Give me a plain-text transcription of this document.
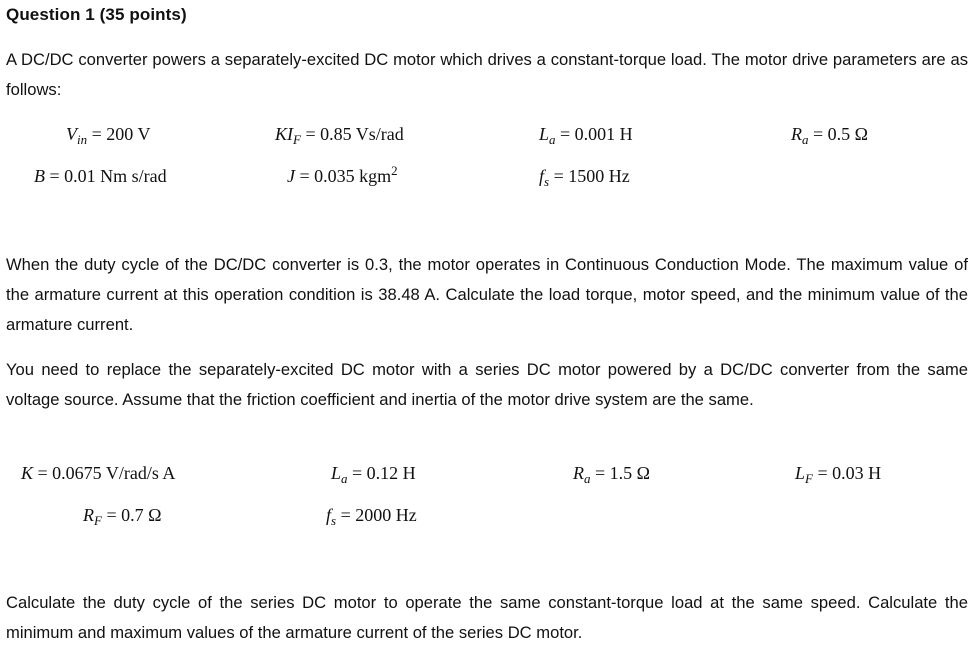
Question 1 (35 points)

A DC/DC converter powers a separately-excited DC motor which drives a constant-torque load. The motor drive parameters are as follows:

$V_{in} = 200$ V	$KI_F = 0.85$ Vs/rad	$L_a = 0.001$ H	$R_a = 0.5$ Ω
B = 0.01 Nm s/rad	J = 0.035 kgm$^2$	$f_s = 1500$ Hz

When the duty cycle of the DC/DC converter is 0.3, the motor operates in Continuous Conduction Mode. The maximum value of the armature current at this operation condition is 38.48 A. Calculate the load torque, motor speed, and the minimum value of the armature current.

You need to replace the separately-excited DC motor with a series DC motor powered by a DC/DC converter from the same voltage source. Assume that the friction coefficient and inertia of the motor drive system are the same.

K = 0.0675 V/rad/s A	$L_a = 0.12$ H	$R_a = 1.5$ Ω	$L_F = 0.03$ H
$R_F = 0.7$ Ω	$f_s = 2000$ Hz

Calculate the duty cycle of the series DC motor to operate the same constant-torque load at the same speed. Calculate the minimum and maximum values of the armature current of the series DC motor.
